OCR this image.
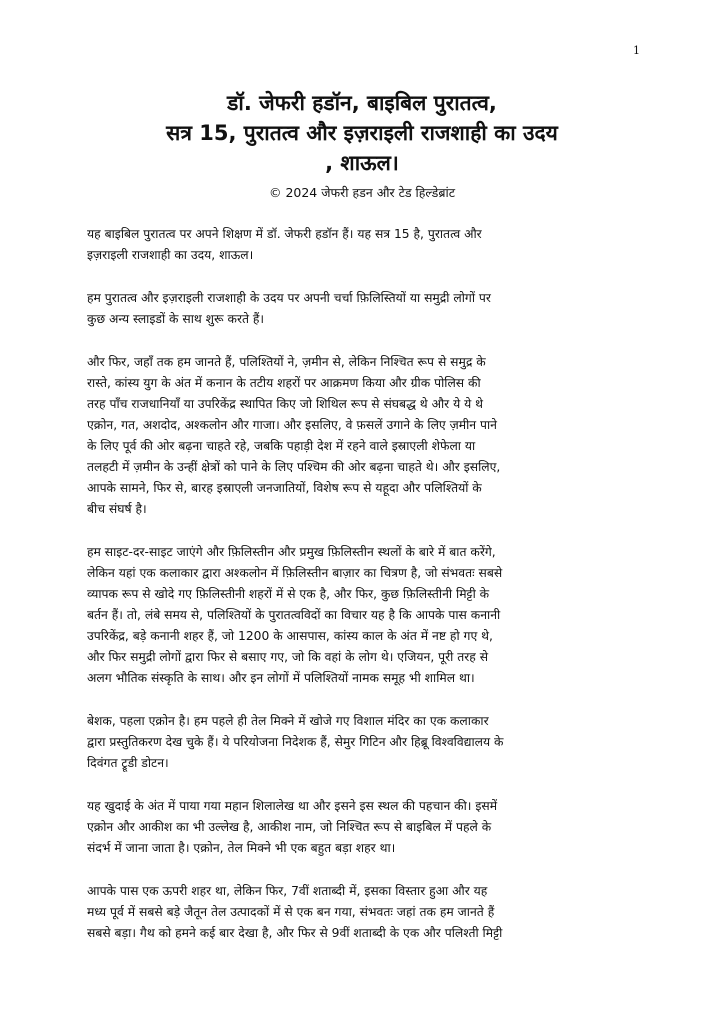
1
डॉ. जेफरी हडॉन, बाइबिल पुरातत्व,
सत्र 15, पुरातत्व और इज़राइली राजशाही का उदय
, शाऊल।
© 2024 जेफरी हडन और टेड हिल्डेब्रांट

यह बाइबिल पुरातत्व पर अपने शिक्षण में डॉ. जेफरी हडॉन हैं। यह सत्र 15 है, पुरातत्व और
इज़राइली राजशाही का उदय, शाऊल।

हम पुरातत्व और इज़राइली राजशाही के उदय पर अपनी चर्चा फ़िलिस्तियों या समुद्री लोगों पर
कुछ अन्य स्लाइडों के साथ शुरू करते हैं।

और फिर, जहाँ तक हम जानते हैं, पलिश्तियों ने, ज़मीन से, लेकिन निश्चित रूप से समुद्र के
रास्ते, कांस्य युग के अंत में कनान के तटीय शहरों पर आक्रमण किया और ग्रीक पोलिस की
तरह पाँच राजधानियाँ या उपरिकेंद्र स्थापित किए जो शिथिल रूप से संघबद्ध थे और ये ये थे
एक्रोन, गत, अशदोद, अश्कलोन और गाजा। और इसलिए, वे फ़सलें उगाने के लिए ज़मीन पाने
के लिए पूर्व की ओर बढ़ना चाहते रहे, जबकि पहाड़ी देश में रहने वाले इस्राएली शेफेला या
तलहटी में ज़मीन के उन्हीं क्षेत्रों को पाने के लिए पश्चिम की ओर बढ़ना चाहते थे। और इसलिए,
आपके सामने, फिर से, बारह इस्राएली जनजातियों, विशेष रूप से यहूदा और पलिश्तियों के
बीच संघर्ष है।

हम साइट-दर-साइट जाएंगे और फ़िलिस्तीन और प्रमुख फ़िलिस्तीन स्थलों के बारे में बात करेंगे,
लेकिन यहां एक कलाकार द्वारा अश्कलोन में फ़िलिस्तीन बाज़ार का चित्रण है, जो संभवतः सबसे
व्यापक रूप से खोदे गए फ़िलिस्तीनी शहरों में से एक है, और फिर, कुछ फ़िलिस्तीनी मिट्टी के
बर्तन हैं। तो, लंबे समय से, पलिश्तियों के पुरातत्वविदों का विचार यह है कि आपके पास कनानी
उपरिकेंद्र, बड़े कनानी शहर हैं, जो 1200 के आसपास, कांस्य काल के अंत में नष्ट हो गए थे,
और फिर समुद्री लोगों द्वारा फिर से बसाए गए, जो कि वहां के लोग थे। एजियन, पूरी तरह से
अलग भौतिक संस्कृति के साथ। और इन लोगों में पलिश्तियों नामक समूह भी शामिल था।

बेशक, पहला एक्रोन है। हम पहले ही तेल मिक्ने में खोजे गए विशाल मंदिर का एक कलाकार
द्वारा प्रस्तुतिकरण देख चुके हैं। ये परियोजना निदेशक हैं, सेमुर गिटिन और हिब्रू विश्वविद्यालय के
दिवंगत ट्रूडी डोटन।

यह खुदाई के अंत में पाया गया महान शिलालेख था और इसने इस स्थल की पहचान की। इसमें
एक्रोन और आकीश का भी उल्लेख है, आकीश नाम, जो निश्चित रूप से बाइबिल में पहले के
संदर्भ में जाना जाता है। एक्रोन, तेल मिक्ने भी एक बहुत बड़ा शहर था।

आपके पास एक ऊपरी शहर था, लेकिन फिर, 7वीं शताब्दी में, इसका विस्तार हुआ और यह
मध्य पूर्व में सबसे बड़े जैतून तेल उत्पादकों में से एक बन गया, संभवतः जहां तक हम जानते हैं
सबसे बड़ा। गैथ को हमने कई बार देखा है, और फिर से 9वीं शताब्दी के एक और पलिश्ती मिट्टी
